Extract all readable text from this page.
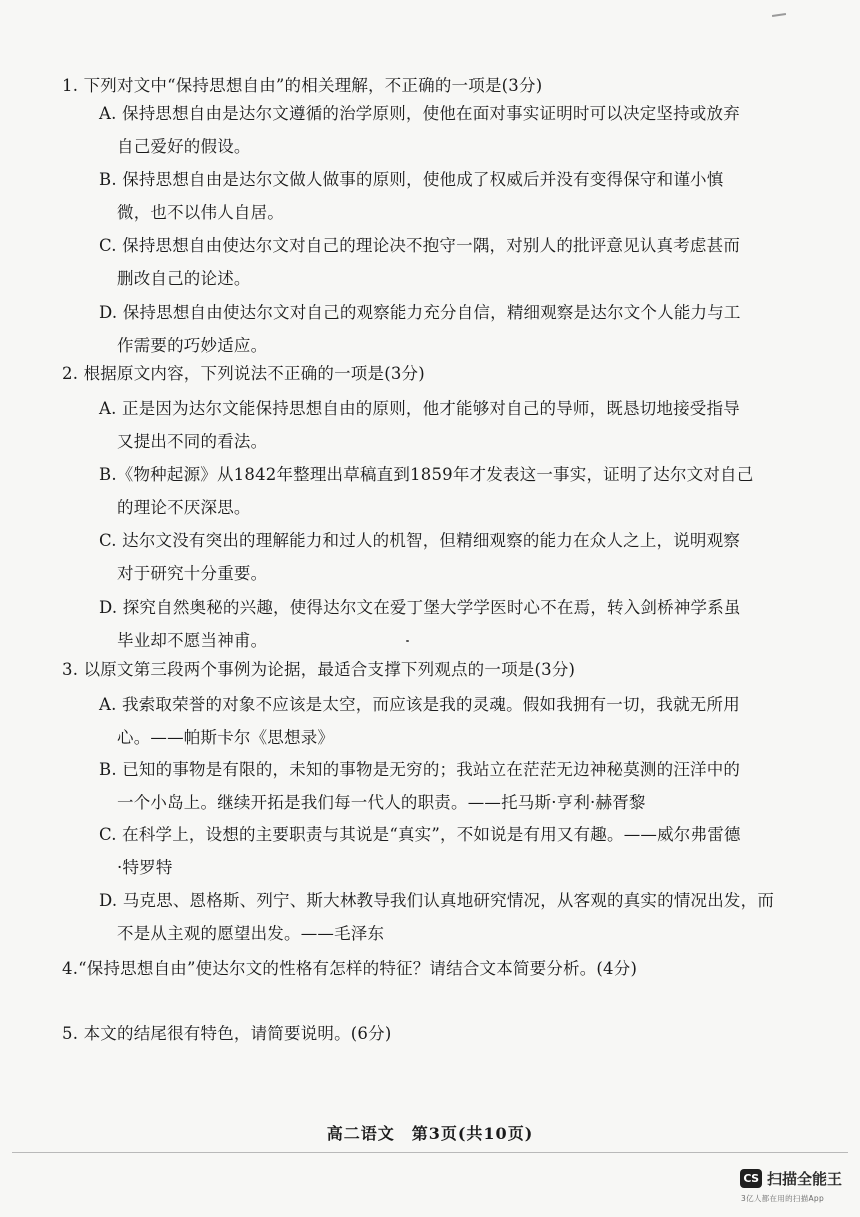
1. 下列对文中“保持思想自由”的相关理解，不正确的一项是(3分)
A. 保持思想自由是达尔文遵循的治学原则，使他在面对事实证明时可以决定坚持或放弃
自己爱好的假设。
B. 保持思想自由是达尔文做人做事的原则，使他成了权威后并没有变得保守和谨小慎
微，也不以伟人自居。
C. 保持思想自由使达尔文对自己的理论决不抱守一隅，对别人的批评意见认真考虑甚而
删改自己的论述。
D. 保持思想自由使达尔文对自己的观察能力充分自信，精细观察是达尔文个人能力与工
作需要的巧妙适应。
2. 根据原文内容，下列说法不正确的一项是(3分)
A. 正是因为达尔文能保持思想自由的原则，他才能够对自己的导师，既恳切地接受指导
又提出不同的看法。
B.《物种起源》从1842年整理出草稿直到1859年才发表这一事实，证明了达尔文对自己
的理论不厌深思。
C. 达尔文没有突出的理解能力和过人的机智，但精细观察的能力在众人之上，说明观察
对于研究十分重要。
D. 探究自然奥秘的兴趣，使得达尔文在爱丁堡大学学医时心不在焉，转入剑桥神学系虽
毕业却不愿当神甫。
3. 以原文第三段两个事例为论据，最适合支撑下列观点的一项是(3分)
A. 我索取荣誉的对象不应该是太空，而应该是我的灵魂。假如我拥有一切，我就无所用
心。——帕斯卡尔《思想录》
B. 已知的事物是有限的，未知的事物是无穷的；我站立在茫茫无边神秘莫测的汪洋中的
一个小岛上。继续开拓是我们每一代人的职责。——托马斯·亨利·赫胥黎
C. 在科学上，设想的主要职责与其说是“真实”，不如说是有用又有趣。——威尔弗雷德
·特罗特
D. 马克思、恩格斯、列宁、斯大林教导我们认真地研究情况，从客观的真实的情况出发，而
不是从主观的愿望出发。——毛泽东
4.“保持思想自由”使达尔文的性格有怎样的特征？请结合文本简要分析。(4分)
5. 本文的结尾很有特色，请简要说明。(6分)
高二语文　第3页(共10页)
CS 扫描全能王
3亿人都在用的扫描App
